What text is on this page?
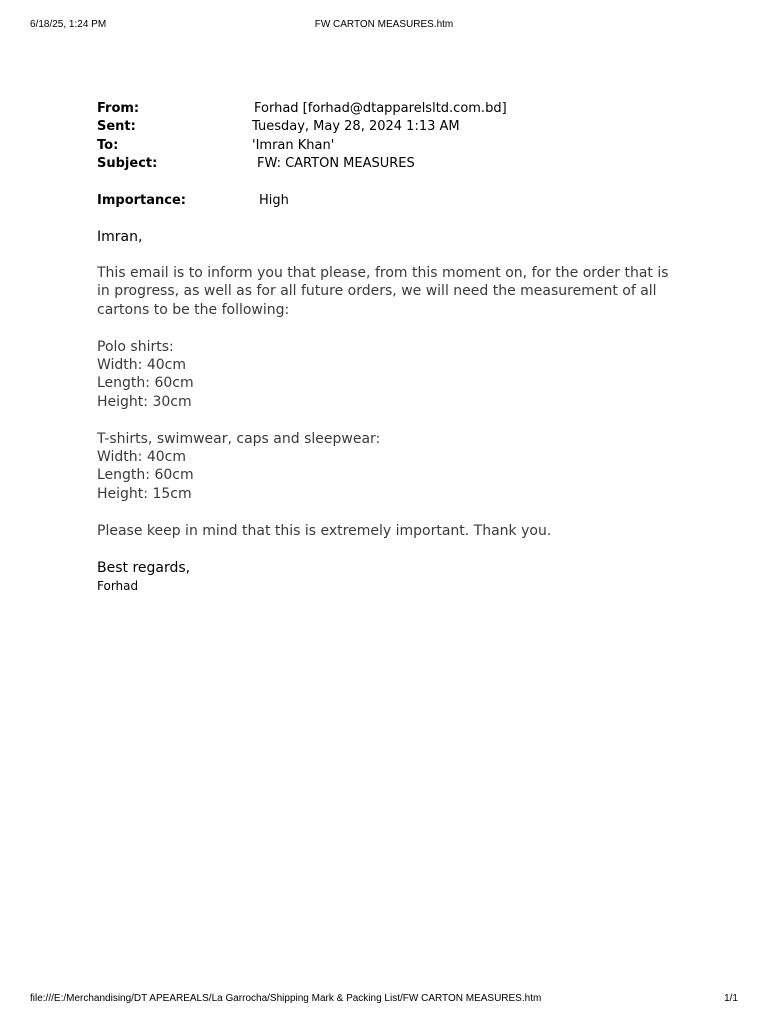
6/18/25, 1:24 PM	FW CARTON MEASURES.htm
From:	Forhad [forhad@dtapparelsltd.com.bd]
Sent:	Tuesday, May 28, 2024 1:13 AM
To:	'Imran Khan'
Subject:	FW: CARTON MEASURES
Importance:	High
Imran,
This email is to inform you that please, from this moment on, for the order that is
in progress, as well as for all future orders, we will need the measurement of all
cartons to be the following:
Polo shirts:
Width: 40cm
Length: 60cm
Height: 30cm
T-shirts, swimwear, caps and sleepwear:
Width: 40cm
Length: 60cm
Height: 15cm
Please keep in mind that this is extremely important. Thank you.
Best regards,
Forhad
file:///E:/Merchandising/DT APEAREALS/La Garrocha/Shipping Mark & Packing List/FW CARTON MEASURES.htm	1/1
